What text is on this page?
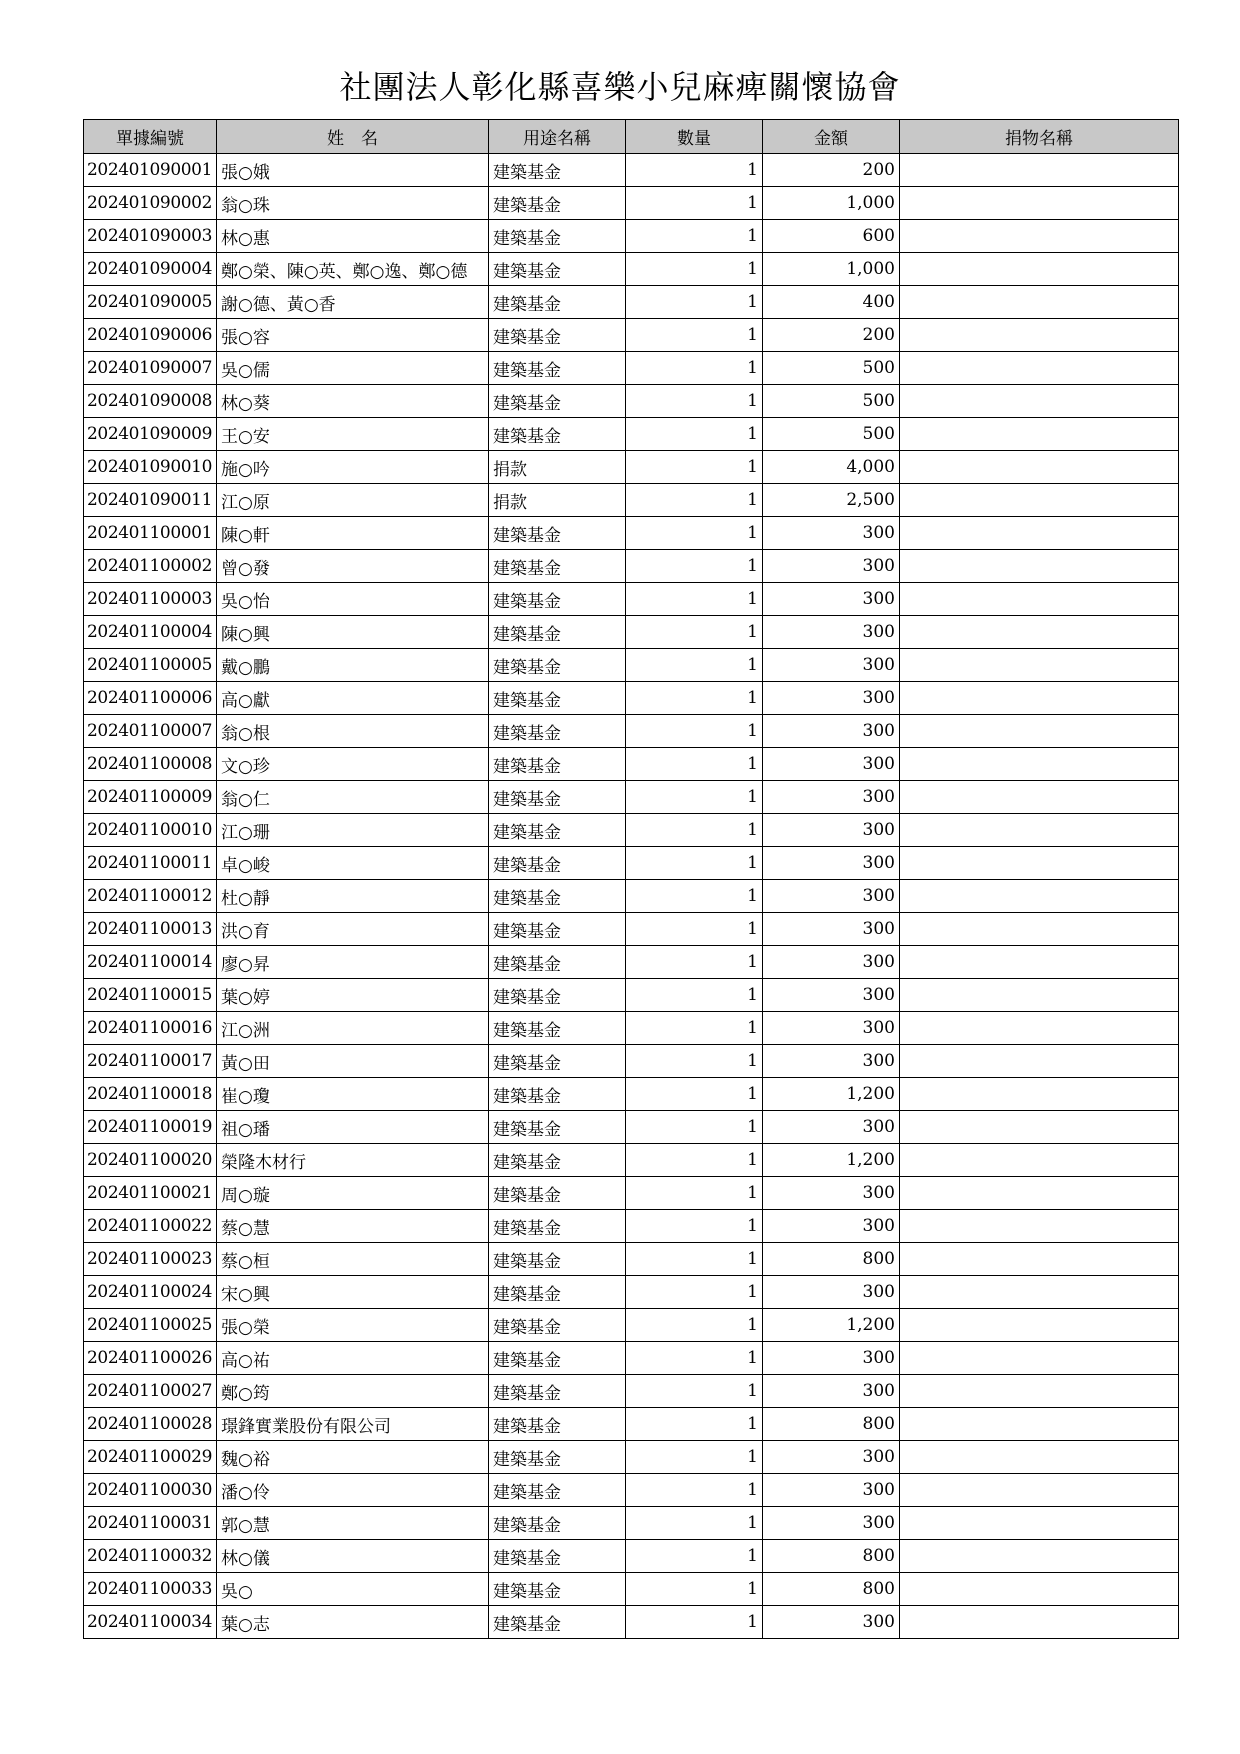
社團法人彰化縣喜樂小兒麻痺關懷協會
單據編號	姓　名	用途名稱	數量	金額	捐物名稱
202401090001	張○娥	建築基金	1	200	
202401090002	翁○珠	建築基金	1	1,000	
202401090003	林○惠	建築基金	1	600	
202401090004	鄭○榮、陳○英、鄭○逸、鄭○德	建築基金	1	1,000	
202401090005	謝○德、黃○香	建築基金	1	400	
202401090006	張○容	建築基金	1	200	
202401090007	吳○儒	建築基金	1	500	
202401090008	林○葵	建築基金	1	500	
202401090009	王○安	建築基金	1	500	
202401090010	施○吟	捐款	1	4,000	
202401090011	江○原	捐款	1	2,500	
202401100001	陳○軒	建築基金	1	300	
202401100002	曾○發	建築基金	1	300	
202401100003	吳○怡	建築基金	1	300	
202401100004	陳○興	建築基金	1	300	
202401100005	戴○鵬	建築基金	1	300	
202401100006	高○獻	建築基金	1	300	
202401100007	翁○根	建築基金	1	300	
202401100008	文○珍	建築基金	1	300	
202401100009	翁○仁	建築基金	1	300	
202401100010	江○珊	建築基金	1	300	
202401100011	卓○峻	建築基金	1	300	
202401100012	杜○靜	建築基金	1	300	
202401100013	洪○育	建築基金	1	300	
202401100014	廖○昇	建築基金	1	300	
202401100015	葉○婷	建築基金	1	300	
202401100016	江○洲	建築基金	1	300	
202401100017	黃○田	建築基金	1	300	
202401100018	崔○瓊	建築基金	1	1,200	
202401100019	祖○璠	建築基金	1	300	
202401100020	榮隆木材行	建築基金	1	1,200	
202401100021	周○璇	建築基金	1	300	
202401100022	蔡○慧	建築基金	1	300	
202401100023	蔡○桓	建築基金	1	800	
202401100024	宋○興	建築基金	1	300	
202401100025	張○榮	建築基金	1	1,200	
202401100026	高○祐	建築基金	1	300	
202401100027	鄭○筠	建築基金	1	300	
202401100028	璟鋒實業股份有限公司	建築基金	1	800	
202401100029	魏○裕	建築基金	1	300	
202401100030	潘○伶	建築基金	1	300	
202401100031	郭○慧	建築基金	1	300	
202401100032	林○儀	建築基金	1	800	
202401100033	吳○	建築基金	1	800	
202401100034	葉○志	建築基金	1	300	
